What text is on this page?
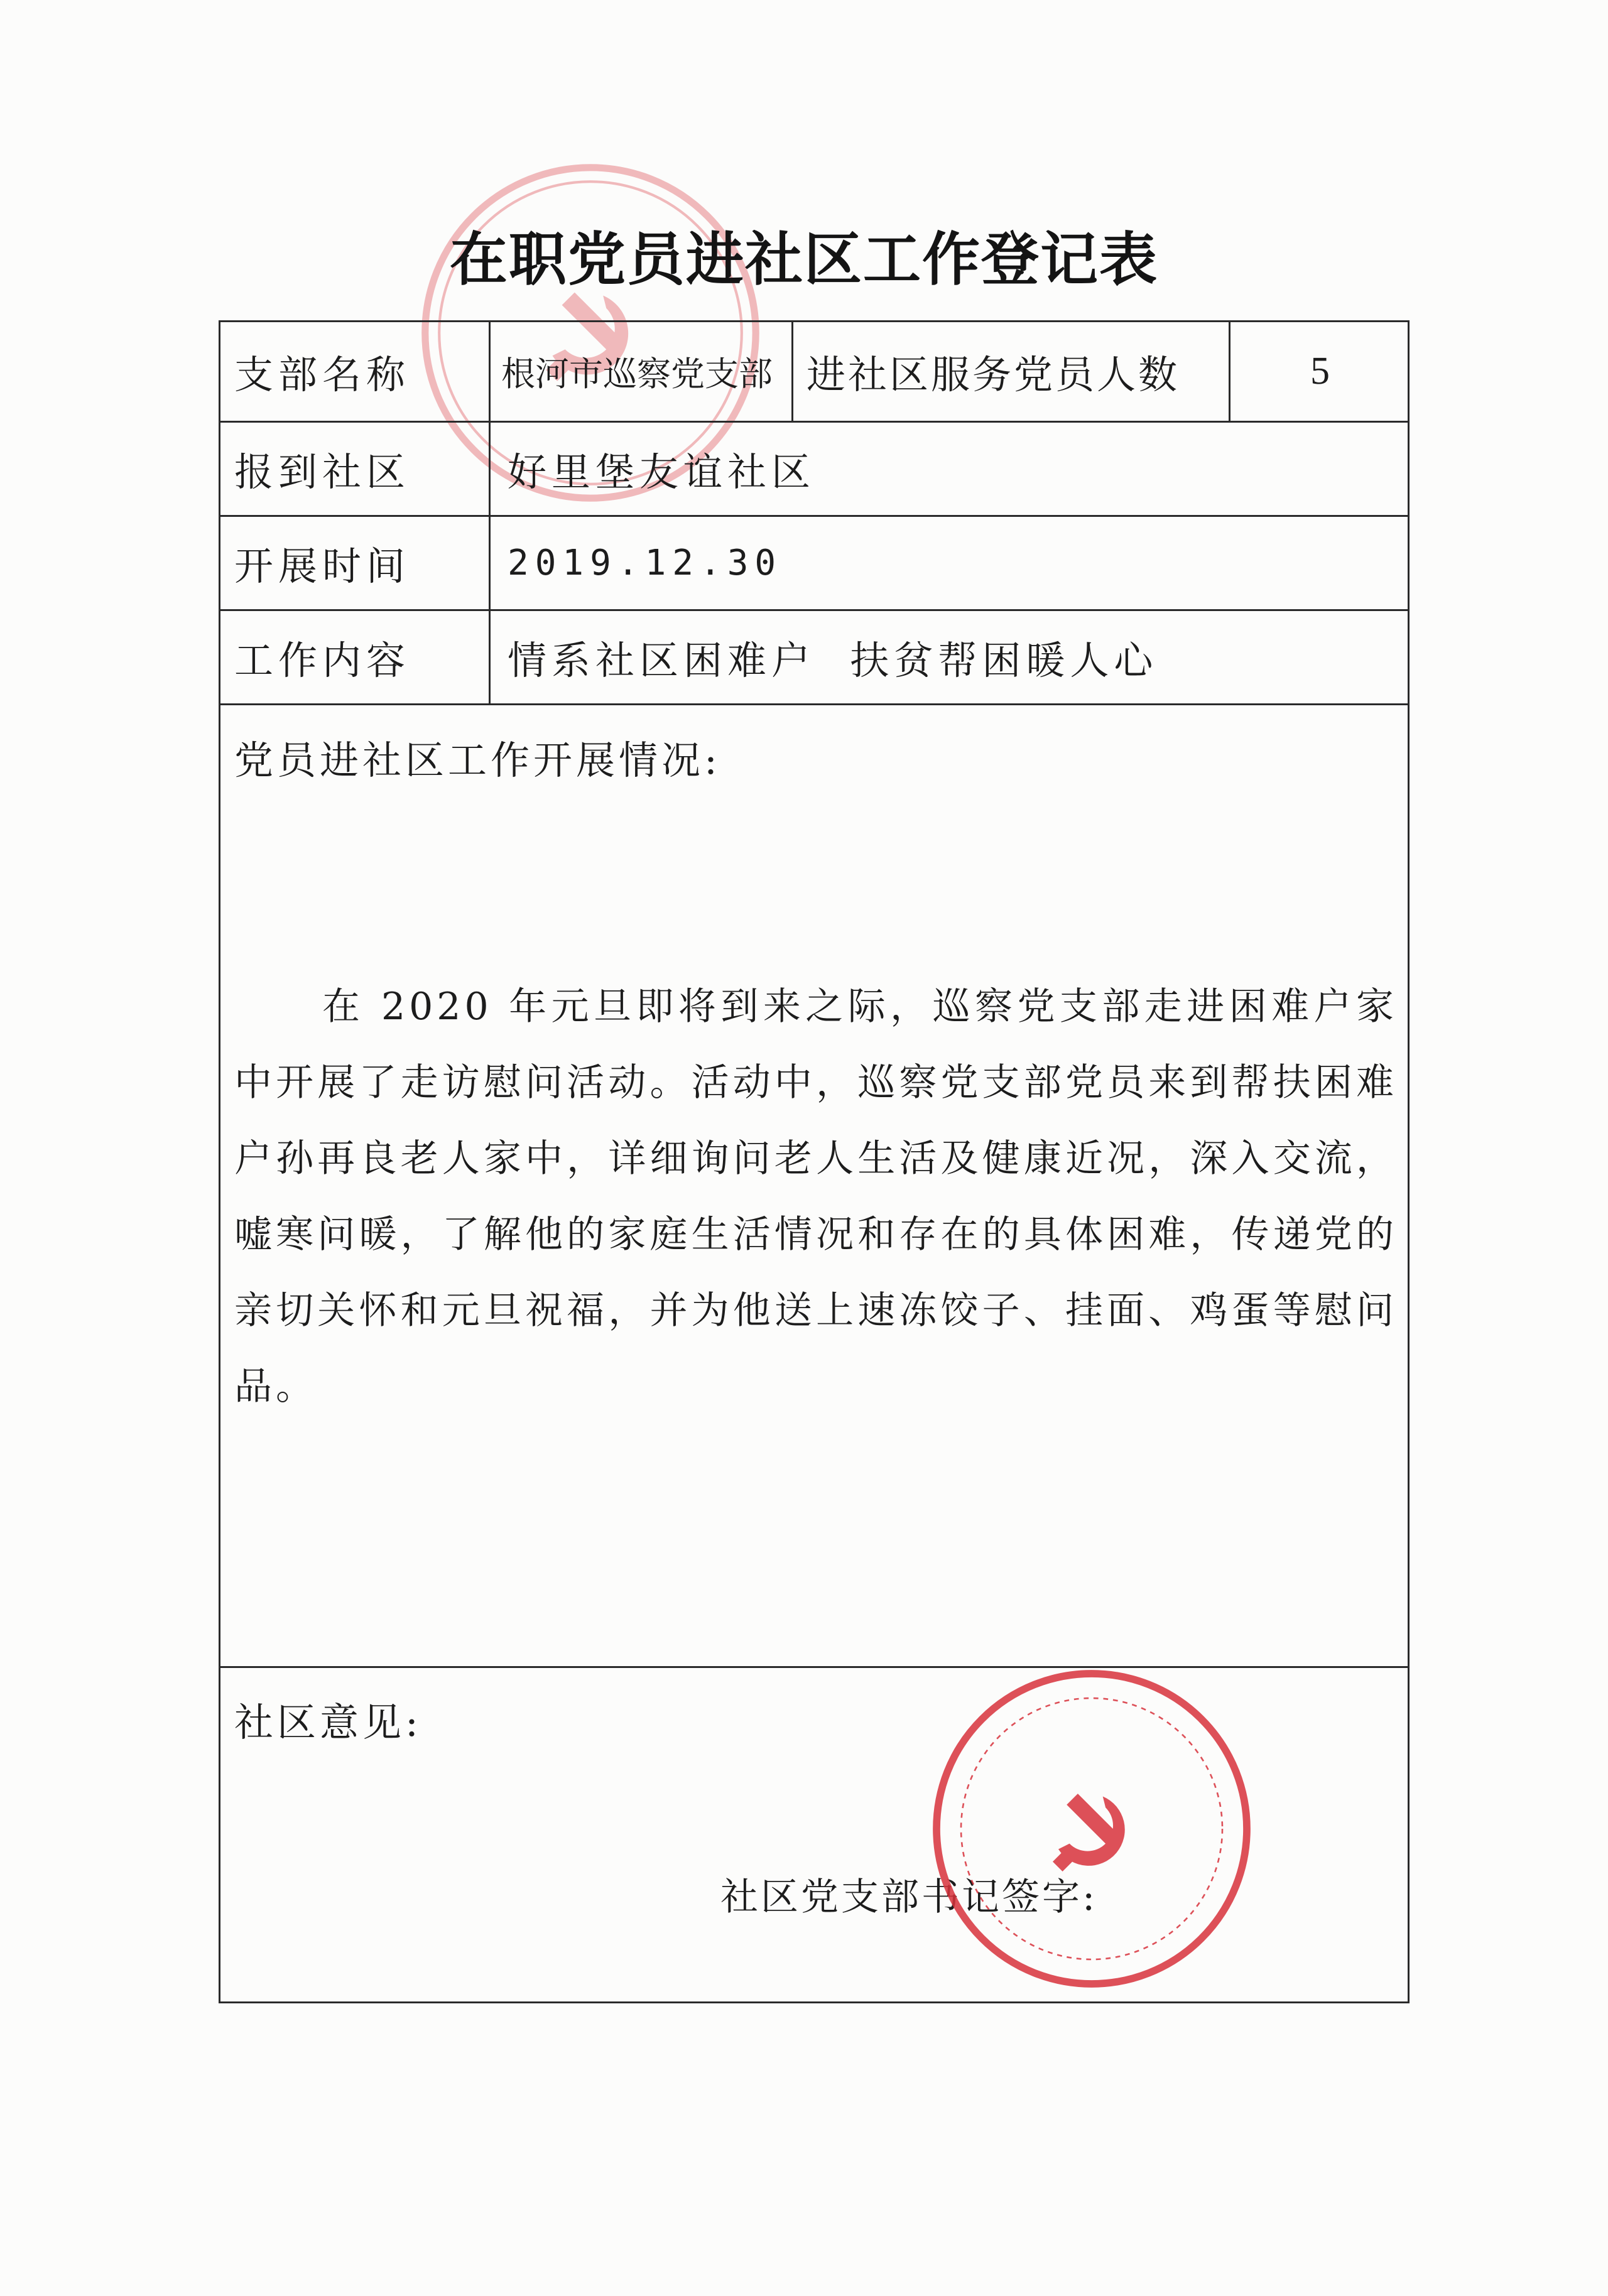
在职党员进社区工作登记表
支部名称	根河市巡察党支部 进社区服务党员人数	5
报到社区 好里堡友谊社区
开展时间	2019.12.30
工作内容 情系社区困难户  扶贫帮困暖人心
党员进社区工作开展情况:
在 2020 年元旦即将到来之际，巡察党支部走进困难户家中开展了走访慰问活动。活动中，巡察党支部党员来到帮扶困难户孙再良老人家中，详细询问老人生活及健康近况，深入交流，嘘寒问暖，了解他的家庭生活情况和存在的具体困难，传递党的亲切关怀和元旦祝福，并为他送上速冻饺子、挂面、鸡蛋等慰问品。
社区意见:
社区党支部书记签字:
